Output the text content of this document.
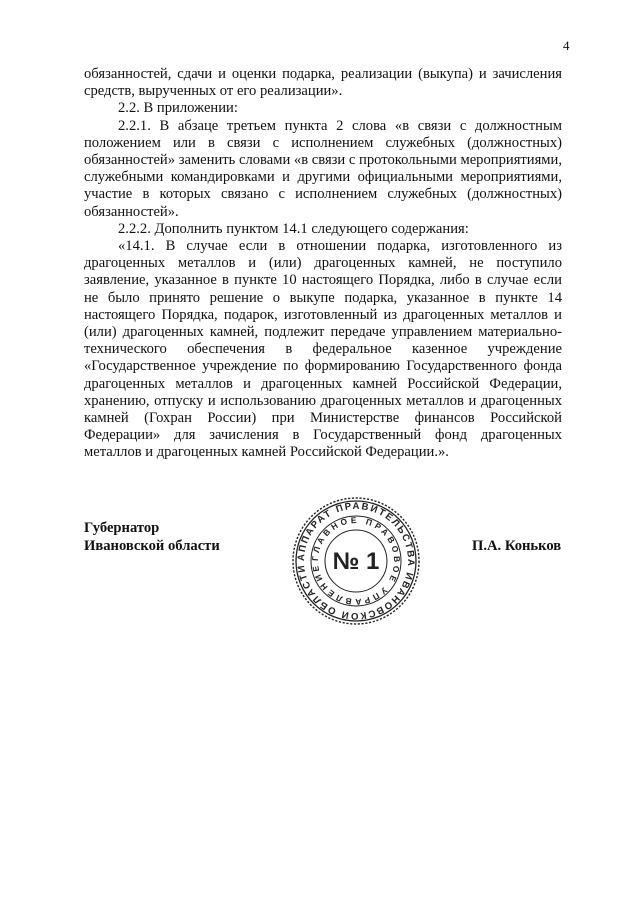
4

обязанностей, сдачи и оценки подарка, реализации (выкупа) и зачисления средств, вырученных от его реализации».

2.2. В приложении:

2.2.1. В абзаце третьем пункта 2 слова «в связи с должностным положением или в связи с исполнением служебных (должностных) обязанностей» заменить словами «в связи с протокольными мероприятиями, служебными командировками и другими официальными мероприятиями, участие в которых связано с исполнением служебных (должностных) обязанностей».

2.2.2. Дополнить пунктом 14.1 следующего содержания:

«14.1. В случае если в отношении подарка, изготовленного из драгоценных металлов и (или) драгоценных камней, не поступило заявление, указанное в пункте 10 настоящего Порядка, либо в случае если не было принято решение о выкупе подарка, указанное в пункте 14 настоящего Порядка, подарок, изготовленный из драгоценных металлов и (или) драгоценных камней, подлежит передаче управлением материально-технического обеспечения в федеральное казенное учреждение «Государственное учреждение по формированию Государственного фонда драгоценных металлов и драгоценных камней Российской Федерации, хранению, отпуску и использованию драгоценных металлов и драгоценных камней (Гохран России) при Министерстве финансов Российской Федерации» для зачисления в Государственный фонд драгоценных металлов и драгоценных камней Российской Федерации.».

Губернатор
Ивановской области
АППАРАТ ПРАВИТЕЛЬСТВА ИВАНОВСКОЙ ОБЛАСТИ
ГЛАВНОЕ ПРАВОВОЕ УПРАВЛЕНИЕ № 1
П.А. Коньков
